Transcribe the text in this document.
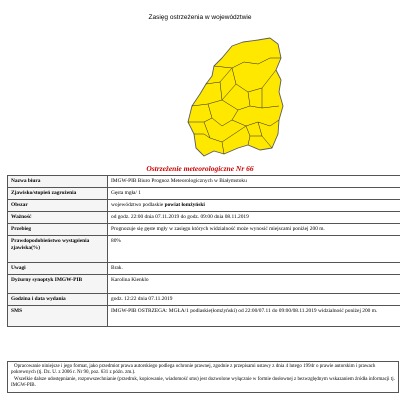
Zasięg ostrzeżenia w województwie
Ostrzeżenie meteorologiczne Nr 66
Nazwa biura	IMGW-PIB Biuro Prognoz Meteorologicznych w Białymstoku
Zjawisko/stopień zagrożenia	Gęsta mgła/ 1
Obszar	województwo podlaskie powiat łomżyński
Ważność	od godz. 22:00 dnia 07.11.2019 do godz. 09:00 dnia 08.11.2019
Przebieg	Prognozuje się gęste mgły w zasięgu których widzialność może wynosić miejscami poniżej 200 m.
Prawdopodobieństwo wystąpienia zjawiska(%)	80%
Uwagi	Brak.
Dyżurny synoptyk IMGW-PIB	Karolina Kienklo
Godzina i data wydania	godz. 12:22 dnia 07.11.2019
SMS	IMGW-PIB OSTRZEGA: MGŁA/1 podlaskie(łomżyński) od 22:00/07.11 do 09:00/08.11.2019 widzialność poniżej 200 m.

Opracowanie niniejsze i jego format, jako przedmiot prawa autorskiego podlega ochronie prawnej, zgodnie z przepisami ustawy z dnia 4 lutego 1994r o prawie autorskim i prawach pokrewnych (tj. Dz. U. z 2006 r. Nr 90, poz. 631 z późn. zm.).

Wszelkie dalsze udostępnianie, rozpowszechnianie (przedruk, kopiowanie, wiadomość sms) jest dozwolone wyłącznie w formie dosłownej z bezwzględnym wskazaniem źródła informacji tj. IMGW-PIB.
